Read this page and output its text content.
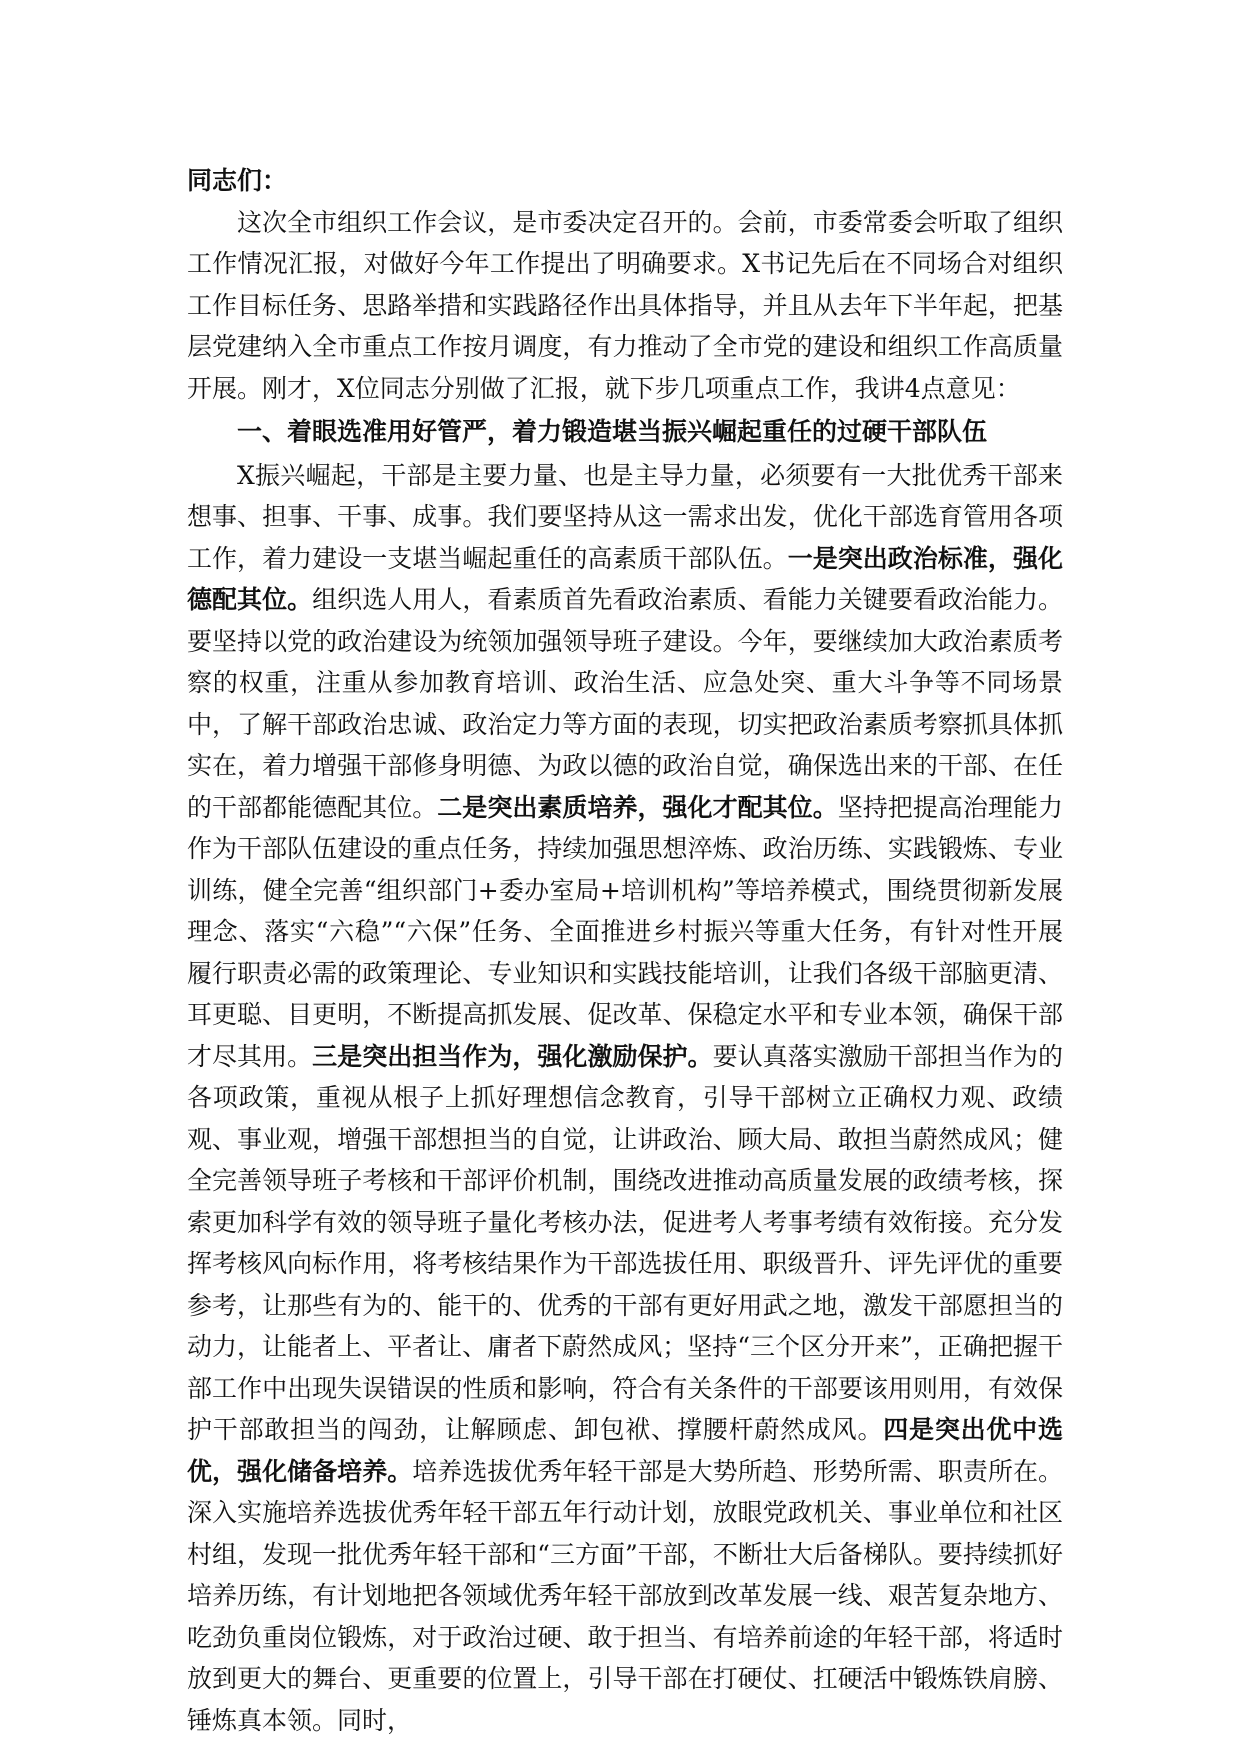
同志们：

这次全市组织工作会议，是市委决定召开的。会前，市委常委会听取了组织工作情况汇报，对做好今年工作提出了明确要求。X书记先后在不同场合对组织工作目标任务、思路举措和实践路径作出具体指导，并且从去年下半年起，把基层党建纳入全市重点工作按月调度，有力推动了全市党的建设和组织工作高质量开展。刚才，X位同志分别做了汇报，就下步几项重点工作，我讲4点意见：

一、着眼选准用好管严，着力锻造堪当振兴崛起重任的过硬干部队伍

X振兴崛起，干部是主要力量、也是主导力量，必须要有一大批优秀干部来想事、担事、干事、成事。我们要坚持从这一需求出发，优化干部选育管用各项工作，着力建设一支堪当崛起重任的高素质干部队伍。一是突出政治标准，强化德配其位。组织选人用人，看素质首先看政治素质、看能力关键要看政治能力。要坚持以党的政治建设为统领加强领导班子建设。今年，要继续加大政治素质考察的权重，注重从参加教育培训、政治生活、应急处突、重大斗争等不同场景中，了解干部政治忠诚、政治定力等方面的表现，切实把政治素质考察抓具体抓实在，着力增强干部修身明德、为政以德的政治自觉，确保选出来的干部、在任的干部都能德配其位。二是突出素质培养，强化才配其位。坚持把提高治理能力作为干部队伍建设的重点任务，持续加强思想淬炼、政治历练、实践锻炼、专业训练，健全完善“组织部门+委办室局+培训机构”等培养模式，围绕贯彻新发展理念、落实“六稳”“六保”任务、全面推进乡村振兴等重大任务，有针对性开展履行职责必需的政策理论、专业知识和实践技能培训，让我们各级干部脑更清、耳更聪、目更明，不断提高抓发展、促改革、保稳定水平和专业本领，确保干部才尽其用。三是突出担当作为，强化激励保护。要认真落实激励干部担当作为的各项政策，重视从根子上抓好理想信念教育，引导干部树立正确权力观、政绩观、事业观，增强干部想担当的自觉，让讲政治、顾大局、敢担当蔚然成风；健全完善领导班子考核和干部评价机制，围绕改进推动高质量发展的政绩考核，探索更加科学有效的领导班子量化考核办法，促进考人考事考绩有效衔接。充分发挥考核风向标作用，将考核结果作为干部选拔任用、职级晋升、评先评优的重要参考，让那些有为的、能干的、优秀的干部有更好用武之地，激发干部愿担当的动力，让能者上、平者让、庸者下蔚然成风；坚持“三个区分开来”，正确把握干部工作中出现失误错误的性质和影响，符合有关条件的干部要该用则用，有效保护干部敢担当的闯劲，让解顾虑、卸包袱、撑腰杆蔚然成风。四是突出优中选优，强化储备培养。培养选拔优秀年轻干部是大势所趋、形势所需、职责所在。深入实施培养选拔优秀年轻干部五年行动计划，放眼党政机关、事业单位和社区村组，发现一批优秀年轻干部和“三方面”干部，不断壮大后备梯队。要持续抓好培养历练，有计划地把各领域优秀年轻干部放到改革发展一线、艰苦复杂地方、吃劲负重岗位锻炼，对于政治过硬、敢于担当、有培养前途的年轻干部，将适时放到更大的舞台、更重要的位置上，引导干部在打硬仗、扛硬活中锻炼铁肩膀、锤炼真本领。同时，
